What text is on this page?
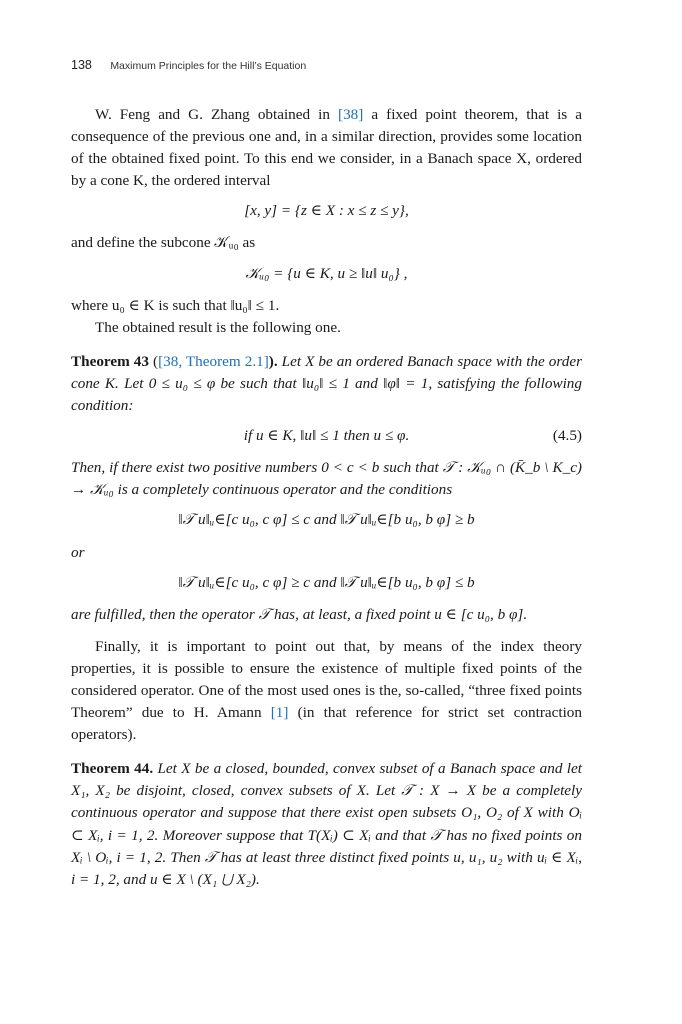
138 Maximum Principles for the Hill’s Equation

W. Feng and G. Zhang obtained in [38] a fixed point theorem, that is a consequence of the previous one and, in a similar direction, provides some location of the obtained fixed point. To this end we consider, in a Banach space X, ordered by a cone K, the ordered interval

[x, y] = {z ∈ X : x ≤ z ≤ y},

and define the subcone 𝒦ᵤ₀ as

𝒦ᵤ₀ = {u ∈ K, u ≥ ‖u‖ u₀} ,

where u₀ ∈ K is such that ‖u₀‖ ≤ 1.

The obtained result is the following one.

Theorem 43 ([38, Theorem 2.1]). Let X be an ordered Banach space with the order cone K. Let 0 ≤ u₀ ≤ φ be such that ‖u₀‖ ≤ 1 and ‖φ‖ = 1, satisfying the following condition:

if u ∈ K, ‖u‖ ≤ 1 then u ≤ φ.	(4.5)

Then, if there exist two positive numbers 0 < c < b such that 𝒯 : 𝒦ᵤ₀ ∩ (K̄_b \ K_c) → 𝒦ᵤ₀ is a completely continuous operator and the conditions

‖𝒯 u‖ᵤ∈[c u₀, c φ] ≤ c and ‖𝒯 u‖ᵤ∈[b u₀, b φ] ≥ b

or

‖𝒯 u‖ᵤ∈[c u₀, c φ] ≥ c and ‖𝒯 u‖ᵤ∈[b u₀, b φ] ≤ b

are fulfilled, then the operator 𝒯 has, at least, a fixed point u ∈ [c u₀, b φ].

Finally, it is important to point out that, by means of the index theory properties, it is possible to ensure the existence of multiple fixed points of the considered operator. One of the most used ones is the, so-called, “three fixed points Theorem” due to H. Amann [1] (in that reference for strict set contraction operators).

Theorem 44. Let X be a closed, bounded, convex subset of a Banach space and let X₁, X₂ be disjoint, closed, convex subsets of X. Let 𝒯 : X → X be a completely continuous operator and suppose that there exist open subsets O₁, O₂ of X with Oᵢ ⊂ Xᵢ, i = 1, 2. Moreover suppose that T(Xᵢ) ⊂ Xᵢ and that 𝒯 has no fixed points on Xᵢ \ Oᵢ, i = 1, 2. Then 𝒯 has at least three distinct fixed points u, u₁, u₂ with uᵢ ∈ Xᵢ, i = 1, 2, and u ∈ X \ (X₁ ⋃ X₂).
